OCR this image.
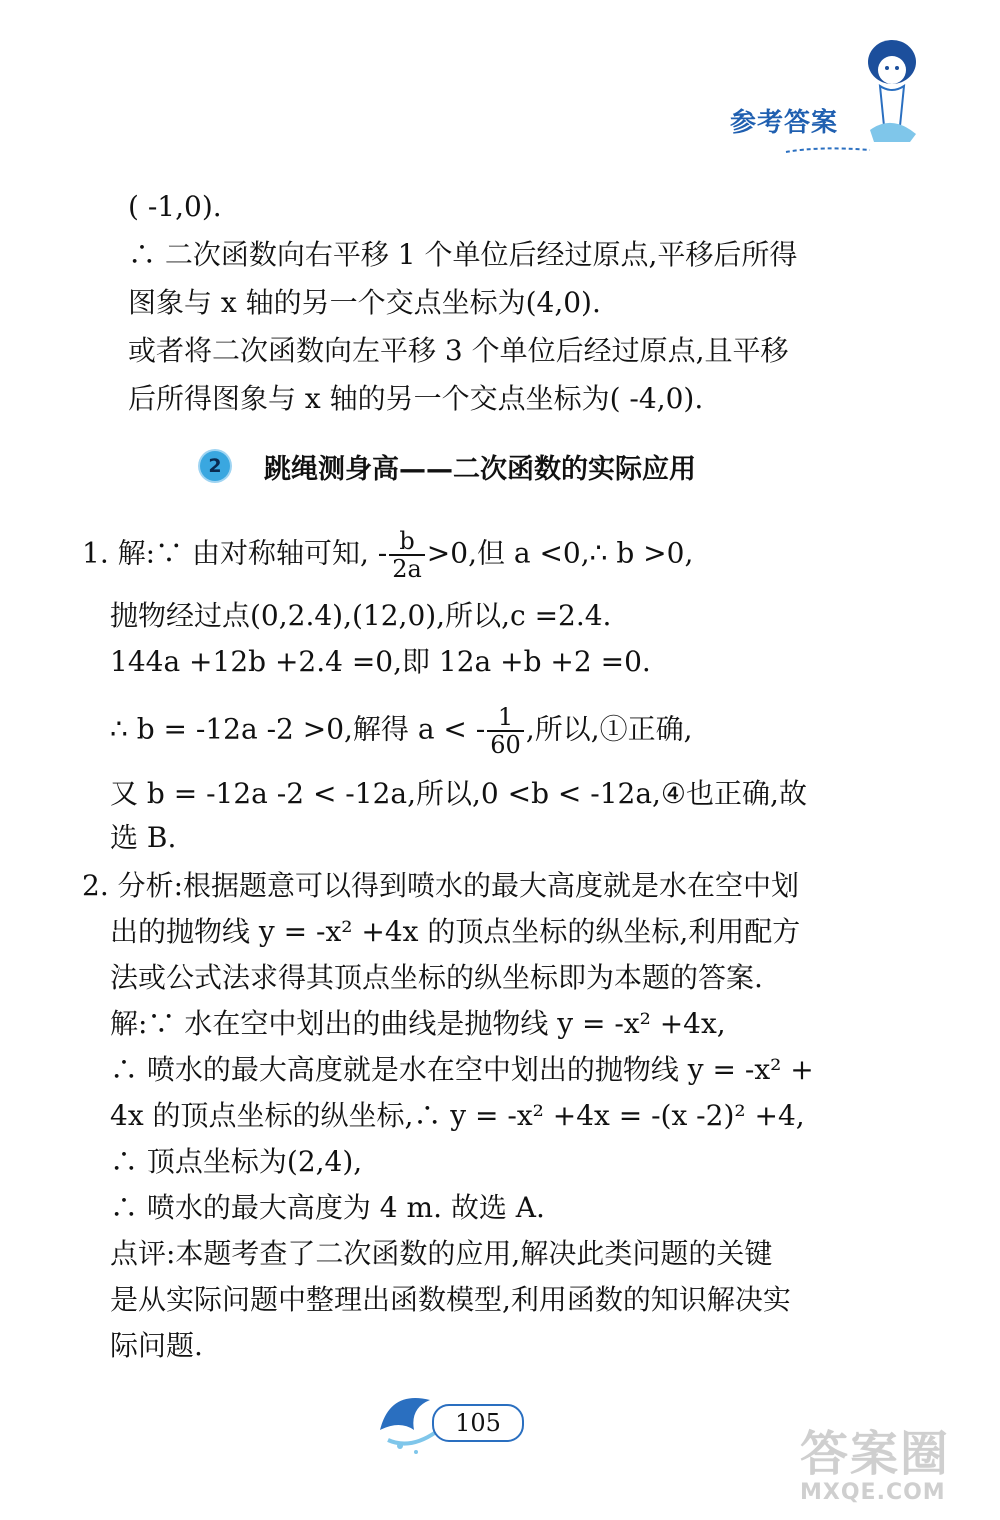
参考答案
( -1,0).
∴ 二次函数向右平移 1 个单位后经过原点,平移后所得
图象与 x 轴的另一个交点坐标为(4,0).
或者将二次函数向左平移 3 个单位后经过原点,且平移
后所得图象与 x 轴的另一个交点坐标为( -4,0).
2	跳绳测身高——二次函数的实际应用
1. 解:∵ 由对称轴可知, - $\frac{b}{2a} >0$,但 a <0,∴ b >0,
抛物经过点(0,2.4),(12,0),所以,c =2.4.
144a +12b +2.4 =0,即 12a +b +2 =0.
∴ b = -12a -2 >0,解得 a < - $\frac{1}{60}$ ,所以,①正确,
又 b = -12a -2 < -12a,所以,0 <b < -12a,④也正确,故
选 B.
2. 分析:根据题意可以得到喷水的最大高度就是水在空中划
出的抛物线 y = -x² +4x 的顶点坐标的纵坐标,利用配方
法或公式法求得其顶点坐标的纵坐标即为本题的答案.
解:∵ 水在空中划出的曲线是抛物线 y = -x² +4x,
∴ 喷水的最大高度就是水在空中划出的抛物线 y = -x² +
4x 的顶点坐标的纵坐标,∴ y = -x² +4x = -(x -2)² +4,
∴ 顶点坐标为(2,4),
∴ 喷水的最大高度为 4 m. 故选 A.
点评:本题考查了二次函数的应用,解决此类问题的关键
是从实际问题中整理出函数模型,利用函数的知识解决实
际问题.
105
答案圈
MXQE.COM
